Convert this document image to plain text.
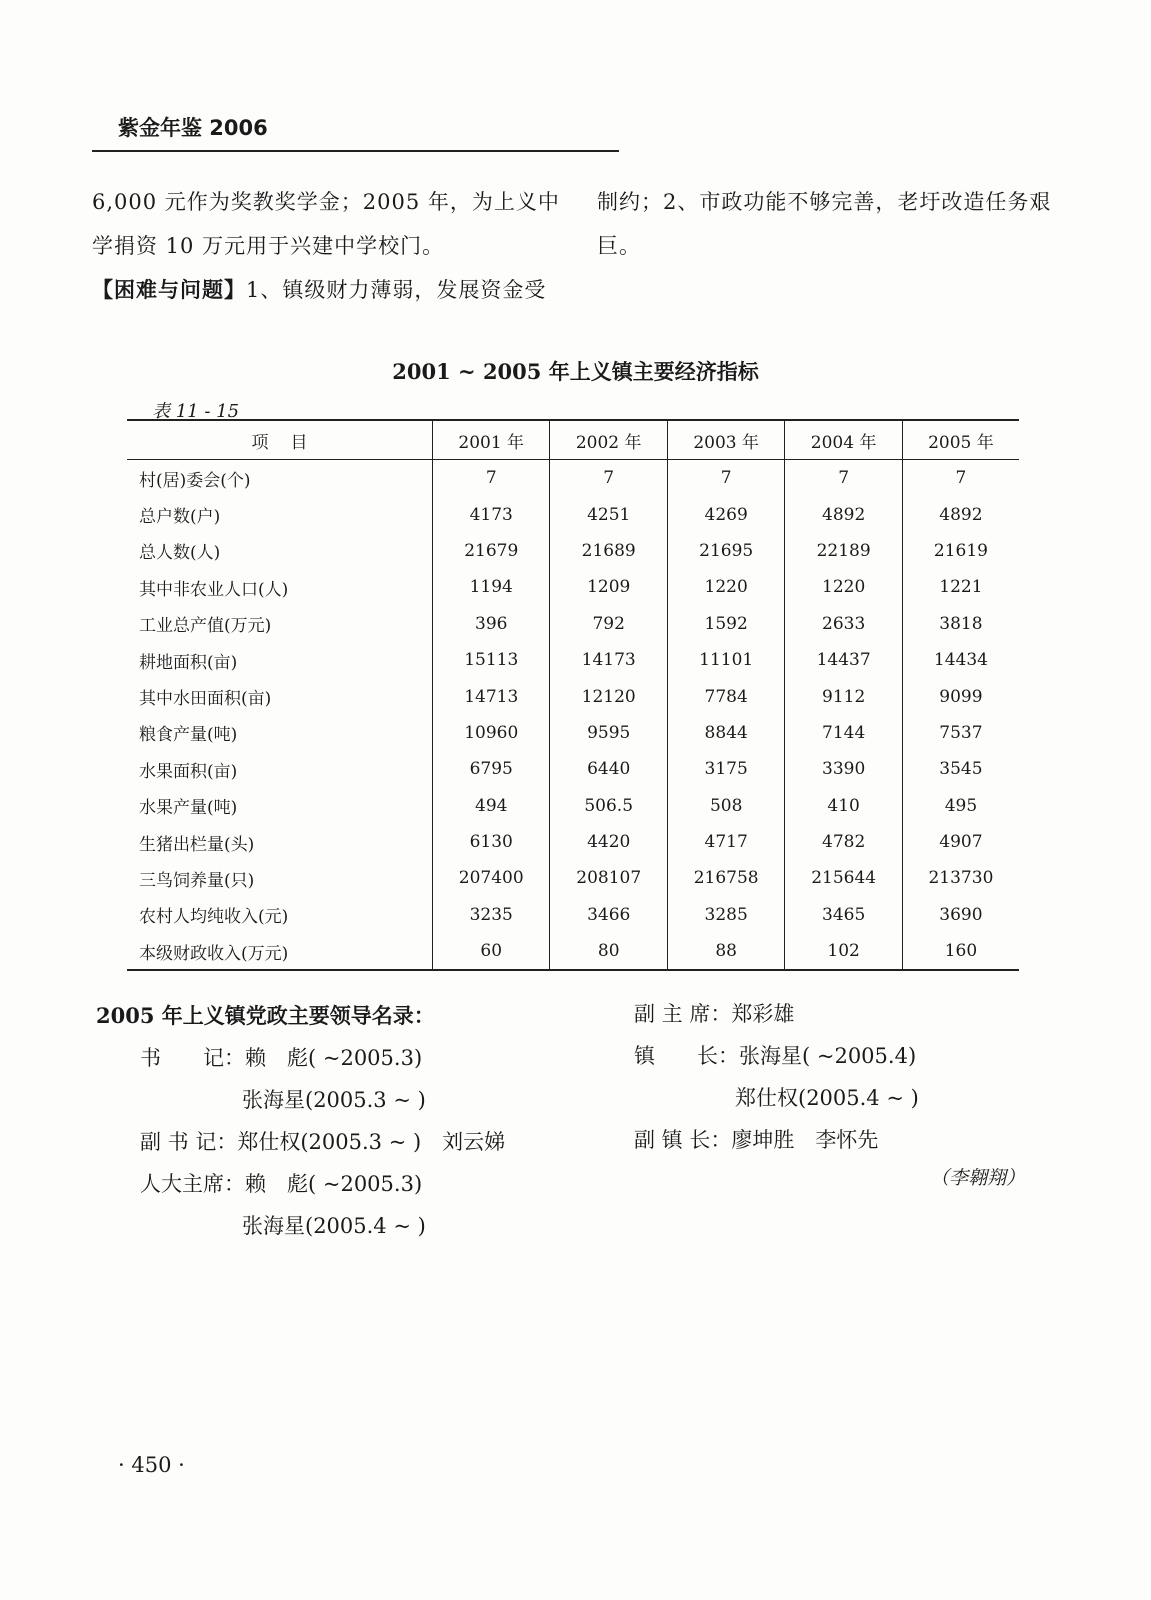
紫金年鉴 2006
6,000 元作为奖教奖学金；2005 年，为上义中
学捐资 10 万元用于兴建中学校门。
【困难与问题】1、镇级财力薄弱，发展资金受
制约；2、市政功能不够完善，老圩改造任务艰
巨。
2001 ~ 2005 年上义镇主要经济指标
表 11 - 15
项目	2001 年	2002 年	2003 年	2004 年	2005 年
村(居)委会(个)	7	7	7	7	7
总户数(户)	4173	4251	4269	4892	4892
总人数(人)	21679	21689	21695	22189	21619
其中非农业人口(人)	1194	1209	1220	1220	1221
工业总产值(万元)	396	792	1592	2633	3818
耕地面积(亩)	15113	14173	11101	14437	14434
其中水田面积(亩)	14713	12120	7784	9112	9099
粮食产量(吨)	10960	9595	8844	7144	7537
水果面积(亩)	6795	6440	3175	3390	3545
水果产量(吨)	494	506.5	508	410	495
生猪出栏量(头)	6130	4420	4717	4782	4907
三鸟饲养量(只)	207400	208107	216758	215644	213730
农村人均纯收入(元)	3235	3466	3285	3465	3690
本级财政收入(万元)	60	80	88	102	160
2005 年上义镇党政主要领导名录：
书　　记：赖　彪( ~2005.3)
张海星(2005.3 ~ )
副 书 记：郑仕权(2005.3 ~ )　刘云娣
人大主席：赖　彪( ~2005.3)
张海星(2005.4 ~ )
副 主 席：郑彩雄
镇　　长：张海星( ~2005.4)
郑仕权(2005.4 ~ )
副 镇 长：廖坤胜　李怀先
（李翱翔）
· 450 ·
